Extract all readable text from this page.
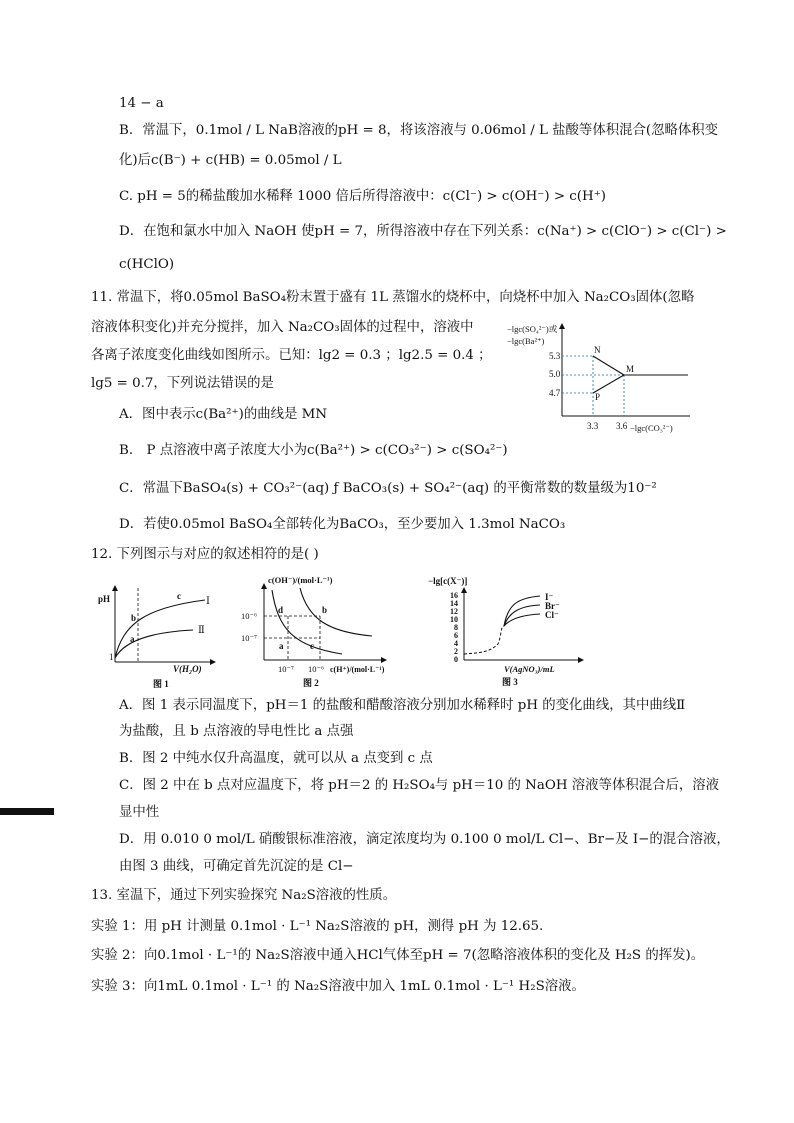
14 − a
B．常温下，0.1mol / L NaB溶液的pH = 8，将该溶液与 0.06mol / L 盐酸等体积混合(忽略体积变
化)后c(B⁻) + c(HB) = 0.05mol / L
C. pH = 5的稀盐酸加水稀释 1000 倍后所得溶液中：c(Cl⁻) > c(OH⁻) > c(H⁺)
D．在饱和氯水中加入 NaOH 使pH = 7，所得溶液中存在下列关系：c(Na⁺) > c(ClO⁻) > c(Cl⁻) >
c(HClO)
11. 常温下，将0.05mol BaSO₄粉末置于盛有 1L 蒸馏水的烧杯中，向烧杯中加入 Na₂CO₃固体(忽略
溶液体积变化)并充分搅拌，加入 Na₂CO₃固体的过程中，溶液中
各离子浓度变化曲线如图所示。已知：lg2 = 0.3 ；lg2.5 = 0.4 ；
lg5 = 0.7，下列说法错误的是
A．图中表示c(Ba²⁺)的曲线是 MN
B． P 点溶液中离子浓度大小为c(Ba²⁺) > c(CO₃²⁻) > c(SO₄²⁻)
C．常温下BaSO₄(s) + CO₃²⁻(aq) ƒ BaCO₃(s) + SO₄²⁻(aq) 的平衡常数的数量级为10⁻²
D．若使0.05mol BaSO₄全部转化为BaCO₃，至少要加入 1.3mol NaCO₃
12. 下列图示与对应的叙述相符的是( )
A．图 1 表示同温度下，pH＝1 的盐酸和醋酸溶液分别加水稀释时 pH 的变化曲线，其中曲线Ⅱ
为盐酸，且 b 点溶液的导电性比 a 点强
B．图 2 中纯水仅升高温度，就可以从 a 点变到 c 点
C．图 2 中在 b 点对应温度下，将 pH＝2 的 H₂SO₄与 pH＝10 的 NaOH 溶液等体积混合后，溶液
显中性
D．用 0.010 0 mol/L 硝酸银标准溶液，滴定浓度均为 0.100 0 mol/L Cl−、Br−及 I−的混合溶液，
由图 3 曲线，可确定首先沉淀的是 Cl−
13. 室温下，通过下列实验探究 Na₂S溶液的性质。
实验 1：用 pH 计测量 0.1mol · L⁻¹ Na₂S溶液的 pH，测得 pH 为 12.65.
实验 2：向0.1mol · L⁻¹的 Na₂S溶液中通入HCl气体至pH = 7(忽略溶液体积的变化及 H₂S 的挥发)。
实验 3：向1mL 0.1mol · L⁻¹ 的 Na₂S溶液中加入 1mL 0.1mol · L⁻¹ H₂S溶液。
−lgc(SO₄²⁻)或
−lgc(Ba²⁺)
5.3
5.0
4.7
3.3 3.6 −lgc(CO₃²⁻)
N
M
P
pH
1
V(H₂O)
Ⅰ
Ⅱ
b
a
c
图 1
c(OH⁻)/(mol·L⁻¹)
10⁻⁶
10⁻⁷
10⁻⁷ 10⁻⁶ c(H⁺)/(mol·L⁻¹)
d	b
a	c
图 2
−lg[c(X⁻)]
16
14
12
10
8
6
4
2
0
I⁻
Br⁻
Cl⁻
V(AgNO₃)/mL
图 3
